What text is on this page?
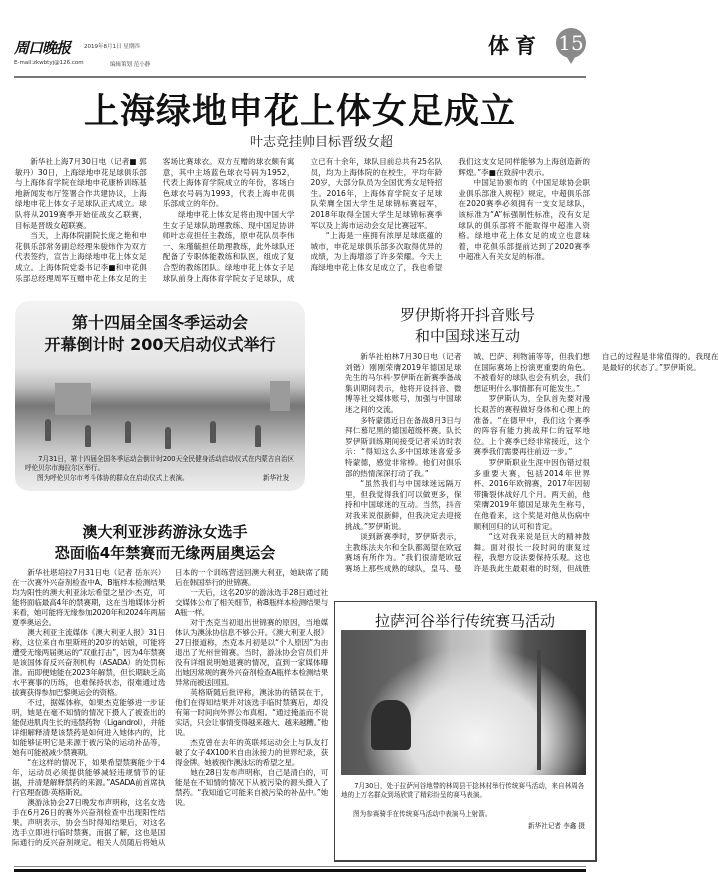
周口晚报	2019年8月1日 星期四
E-mail:zkwbtyj@126.com	编辑策划 范小静
体育 15
上海绿地申花上体女足成立
叶志竞挂帅目标晋级女超

新华社上海7月30日电（记者■ 郭敏丹）30日，上海绿地申花足球俱乐部与上海体育学院在绿地申花康桥训练基地新闻发布厅签署合作共建协议，上海绿地申花上体女子足球队正式成立。球队将从2019赛季开始征战女乙联赛，目标是晋级女超联赛。

当天，上海体院副院长庞之艳和申花俱乐部常务副总经理朱骏炜作为双方代表签约，宣告上海绿地申花上体女足成立。上海体院党委书记李■和申花俱乐部总经理周军互赠申花上体女足的主客场比赛球衣。双方互赠的球衣颇有寓意，其中主场蓝色球衣号码为1952，代表上海体育学院成立的年份，客场白色球衣号码为1993，代表上海申花俱乐部成立的年份。

绿地申花上体女足将由现中国大学生女子足球队助理教练、现中国足协讲师叶志竞担任主教练，原申花队员李伟一、朱瑾毓担任助理教练，此外球队还配备了专职体能教练和队医，组成了复合型的教练团队。绿地申花上体女子足球队前身上海体育学院女子足球队，成立已有十余年，球队目前总共有25名队员，均为上海体院的在校生，平均年龄20岁，大部分队员为全国优秀女足特招生。2016年，上海体育学院女子足球队荣膺全国大学生足球锦标赛冠军，2018年取得全国大学生足球锦标赛季军以及上海市运动会女足比赛冠军。

“上海是一座拥有浓厚足球底蕴的城市，申花足球俱乐部多次取得优异的成绩，为上海增添了许多荣耀。今天上海绿地申花上体女足成立了，我也希望我们这支女足同样能够为上海创造新的辉煌。”李■在致辞中表示。

中国足协颁布的《中国足球协会职业俱乐部准入规程》规定，中超俱乐部在2020赛季必须拥有一支女足球队，该标准为“A”标强制性标准，没有女足球队的俱乐部将不能取得中超准入资格。绿地申花上体女足的成立也意味着，申花俱乐部提前达到了2020赛季中超准入有关女足的标准。

第十四届全国冬季运动会
开幕倒计时 200天启动仪式举行
7月31日，第十四届全国冬季运动会倒计时200天全民健身活动启动仪式在内蒙古自治区呼伦贝尔市海拉尔区举行。
图为呼伦贝尔市考斗体协的群众在启动仪式上表演。	新华社发
罗伊斯将开抖音账号
和中国球迷互动

新华社柏林7月30日电（记者 刘锴）刚刚荣膺2019年德国足球先生的马尔科·罗伊斯在新赛季备战集训期间表示，他将开设抖音、微博等社交媒体账号，加强与中国球迷之间的交流。

多特蒙德近日在备战8月3日与拜仁慕尼黑的德国超级杯赛。队长罗伊斯训练期间接受记者采访时表示：“得知这么多中国球迷喜爱多特蒙德，感觉非常棒。他们对俱乐部的热情深深打动了我。”

“虽然我们与中国球迷远隔万里，但我觉得我们可以做更多，保持和中国球迷的互动。当然，抖音对我来说很新鲜，但我决定去迎接挑战。”罗伊斯说。

谈到新赛季时，罗伊斯表示，主教练法夫尔和全队都渴望在欧冠赛场有所作为。“我们很清楚欧冠赛场上那些成熟的球队，皇马、曼城、巴萨、利物浦等等，但我们想在国际赛场上扮演更重要的角色。不被看好的球队也会有机会，我们想证明什么事情都有可能发生。”

罗伊斯认为，全队首先要对漫长艰苦的赛程做好身体和心理上的准备。“在德甲中，我们这个赛季的阵容有能力挑战拜仁的冠军地位。上个赛季已经非常接近，这个赛季我们需要再往前迈一步。”

罗伊斯职业生涯中因伤错过很多重要大赛，包括2014年世界杯、2016年欧锦赛，2017年因韧带撕裂休战好几个月。两天前，他荣膺2019年德国足球先生称号，在他看来，这个奖是对他从伤病中顺利回归的认可和肯定。

“这对我来说是巨大的精神鼓舞。面对很长一段时间的康复过程，我想方设法要保持乐观。这也许是我此生最艰难的时刻，但战胜自己的过程是非常值得的。我现在是最好的状态了。”罗伊斯说。

澳大利亚涉药游泳女选手
恐面临4年禁赛而无缘两届奥运会

新华社堪培拉7月31日电（记者 岳东兴）在一次赛外兴奋剂检查中A、B瓶样本检测结果均为阳性的澳大利亚泳坛希望之星沙·杰克，可能将面临最高4年的禁赛期，这在当地媒体分析来看，她可能将无缘参加2020年和2024年两届夏季奥运会。

澳大利亚主流媒体《澳大利亚人报》31日称，这位来自布里斯班的20岁的姑娘，可能将遭受无缘两届奥运的“双重打击”，因为4年禁赛是该国体育反兴奋剂机构（ASADA）的处罚标准。而即便她能在2023年解禁，但长期缺乏高水平赛事的历练，也难保持状态，很难通过选拔赛获得参加巴黎奥运会的资格。

不过，据媒体称，如果杰克能够进一步证明，她是在毫不知情的情况下摄入了被查出的能促进肌肉生长的违禁药物（Ligandrol），并能详细解释清楚该禁药是如何进入她体内的，比如能够证明它是来源于被污染的运动补品等，她有可能被减少禁赛期。

“在这样的情况下，如果希望禁赛能少于4年，运动员必须提供能够减轻违规情节的证据，并清楚解释禁药的来源。”ASADA前首席执行官理查德·英格斯说。

澳游泳协会27日晚发布声明称，这名女选手在6月26日的赛外兴奋剂检查中出现阳性结果。声明表示，协会当时得知结果后，对这名选手立即进行临时禁赛。而据了解，这也是国际通行的反兴奋剂规定。相关人员随后将她从日本的一个训练营送回澳大利亚，她缺席了随后在韩国举行的世锦赛。

一天后，这名20岁的游泳选手28日通过社交媒体公布了相关细节，称B瓶样本检测结果与A瓶一样。

对于杰克当初退出世锦赛的原因，当地媒体认为澳泳协信息不够公开。《澳大利亚人报》27日报道称，杰克本月初是以“个人原因”为由退出了光州世锦赛。当时，游泳协会官员们并没有详细说明她退赛的情况，直到一家媒体曝出她因常规的赛外兴奋剂检查A瓶样本检测结果异常而被送回国。

英格斯随后批评称，澳泳协的错误在于，他们在得知结果并对该选手临时禁赛后，却没有第一时间向外界公布真相。“通过掩盖而不说实话，只会让事情变得越来越大、越来越糟。”他说。

杰克曾在去年的英联邦运动会上与队友打破了女子4X100米自由泳接力的世界纪录，获得金牌。她被视作澳泳坛的希望之星。

她在28日发布声明称，自己是清白的，可能是在不知情的情况下从被污染的源头摄入了禁药。“我知道它可能来自被污染的补品中。”她说。

拉萨河谷举行传统赛马活动
7月30日，处于拉萨河谷地带的林周县干捻林村举行传统赛马活动，来自林周各地的上万名群众到场欣赏了精彩纷呈的赛马表演。
图为参赛骑手在传统赛马活动中表演马上射箭。
新华社记者 李鑫 摄
